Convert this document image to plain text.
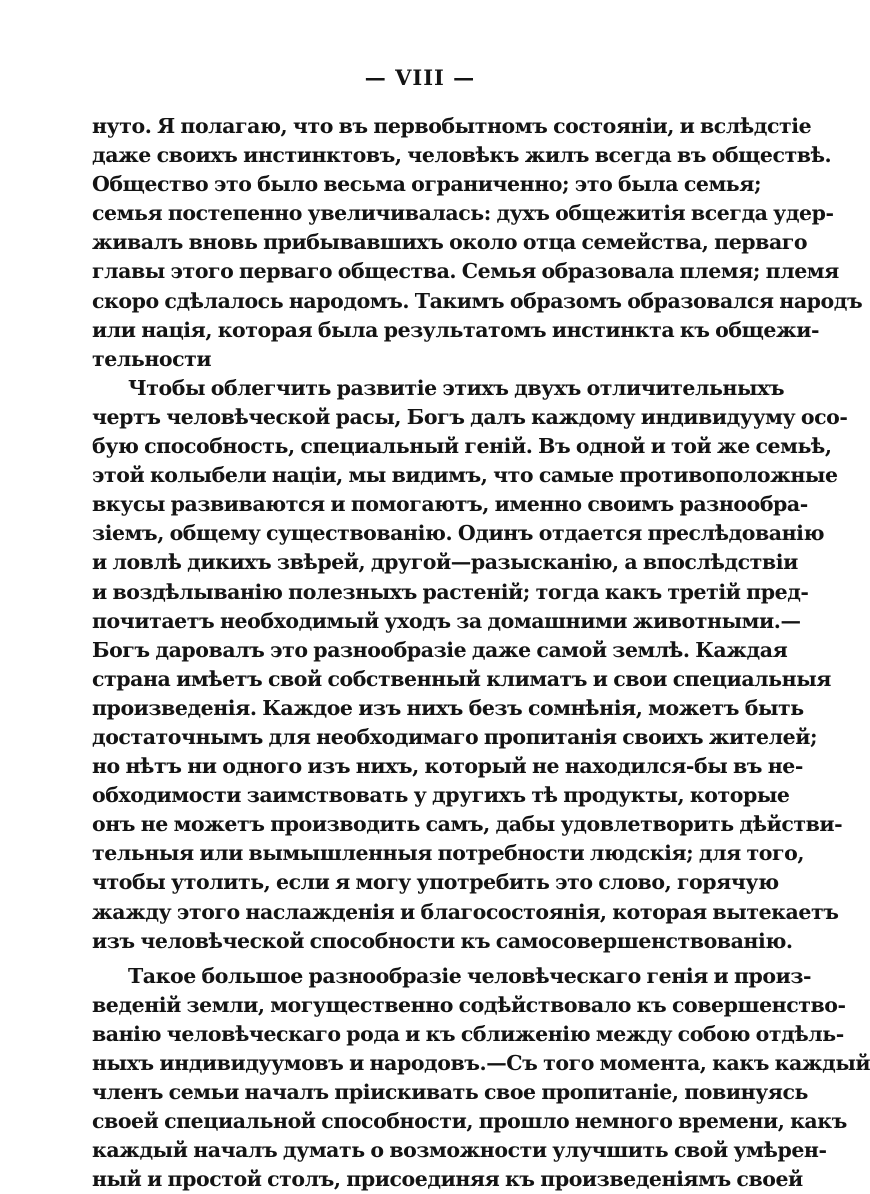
— VIII —
нуто. Я полагаю, что въ первобытномъ состоянiи, и вслѣдстie
даже своихъ инстинктовъ, человѣкъ жилъ всегда въ обществѣ.
Общество это было весьма ограниченно; это была семья;
семья постепенно увеличивалась: духъ общежитiя всегда удер-
живалъ вновь прибывавшихъ около отца семейства, перваго
главы этого перваго общества. Семья образовала племя; племя
скоро сдѣлалось народомъ. Такимъ образомъ образовался народъ
или нацiя, которая была результатомъ инстинкта къ общежи-
тельности
Чтобы облегчить развитie этихъ двухъ отличительныхъ
чертъ человѣческой расы, Богъ далъ каждому индивидууму осо-
бую способность, специальный генiй. Въ одной и той же семьѣ,
этой колыбели нацiи, мы видимъ, что самые противоположные
вкусы развиваются и помогаютъ, именно своимъ разнообра-
зiемъ, общему существованiю. Одинъ отдается преслѣдованiю
и ловлѣ дикихъ звѣрей, другой—разысканiю, а впослѣдствiи
и воздѣлыванiю полезныхъ растенiй; тогда какъ третiй пред-
почитаетъ необходимый уходъ за домашними животными.—
Богъ даровалъ это разнообразie даже самой землѣ. Каждая
страна имѣетъ свой собственный климатъ и свои специальныя
произведенiя. Каждое изъ нихъ безъ сомнѣнiя, можетъ быть
достаточнымъ для необходимаго пропитанiя своихъ жителей;
но нѣтъ ни одного изъ нихъ, который не находился-бы въ не-
обходимости заимствовать у другихъ тѣ продукты, которые
онъ не можетъ производить самъ, дабы удовлетворить дѣйстви-
тельныя или вымышленныя потребности людскiя; для того,
чтобы утолить, если я могу употребить это слово, горячую
жажду этого наслажденiя и благосостоянiя, которая вытекаетъ
изъ человѣческой способности къ самосовершенствованiю.
Такое большое разнообразie человѣческаго генiя и произ-
веденiй земли, могущественно содѣйствовало къ совершенство-
ванiю человѣческаго рода и къ сближенiю между собою отдѣль-
ныхъ индивидуумовъ и народовъ.—Съ того момента, какъ каждый
членъ семьи началъ прiискивать свое пропитанie, повинуясь
своей специальной способности, прошло немного времени, какъ
каждый началъ думать о возможности улучшить свой умѣрен-
ный и простой столъ, присоединяя къ произведенiямъ своей
